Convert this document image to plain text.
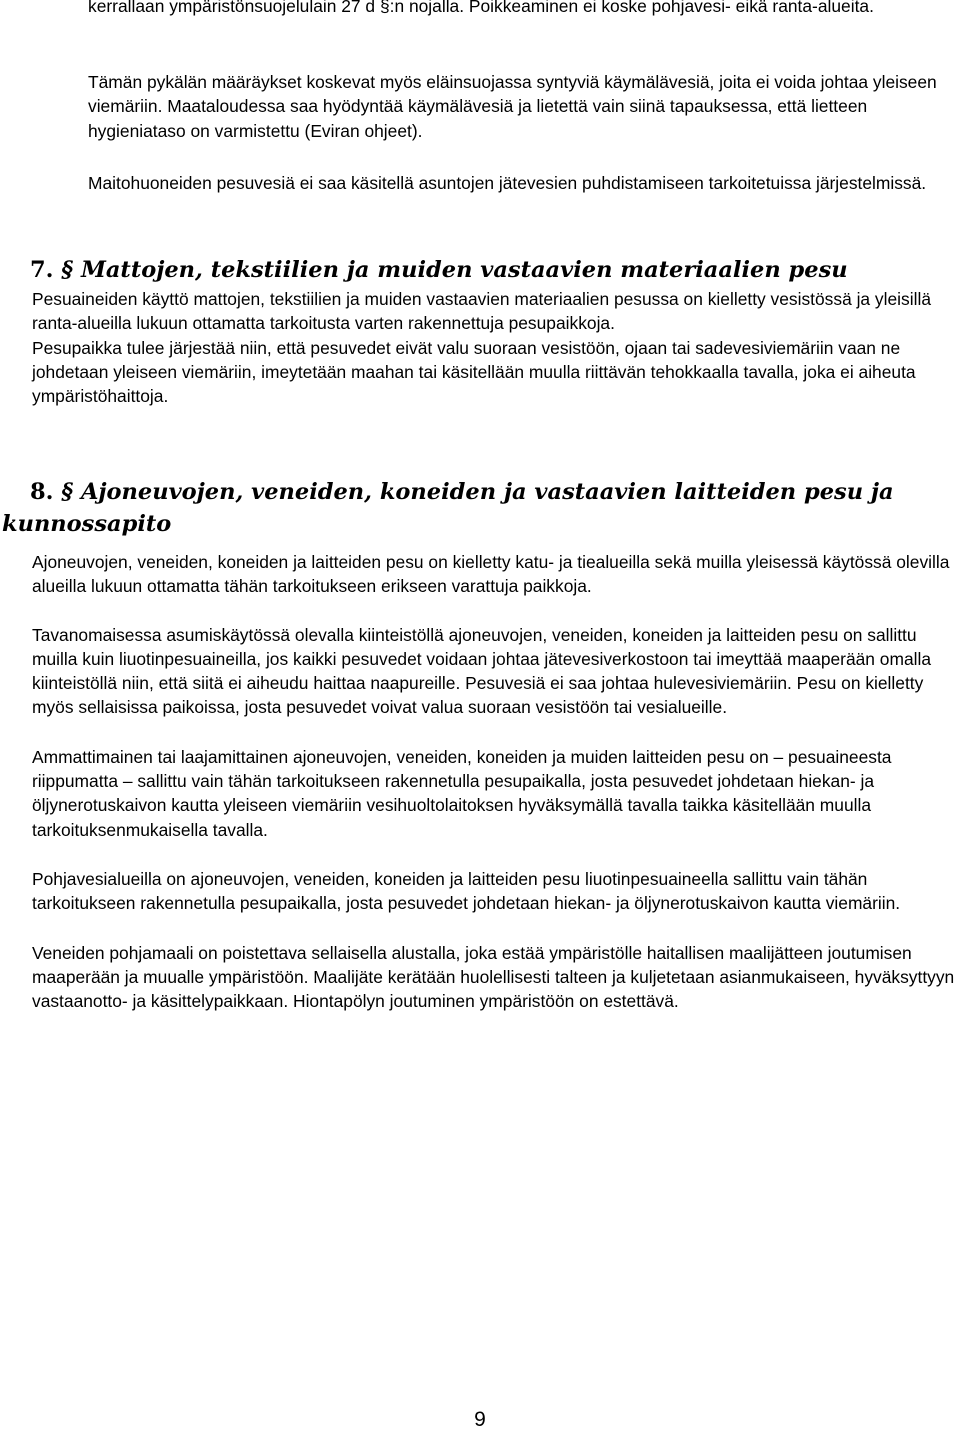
kerrallaan ympäristönsuojelulain 27 d §:n nojalla. Poikkeaminen ei koske pohjavesi- eikä ranta-alueita.

Tämän pykälän määräykset koskevat myös eläinsuojassa syntyviä käymälävesiä, joita ei voida johtaa yleiseen viemäriin. Maataloudessa saa hyödyntää käymälävesiä ja lietettä vain siinä tapauksessa, että lietteen hygieniataso on varmistettu (Eviran ohjeet).

Maitohuoneiden pesuvesiä ei saa käsitellä asuntojen jätevesien puhdistamiseen tarkoitetuissa järjestelmissä.

7. § Mattojen, tekstiilien ja muiden vastaavien materiaalien pesu

Pesuaineiden käyttö mattojen, tekstiilien ja muiden vastaavien materiaalien pesussa on kielletty vesistössä ja yleisillä ranta-alueilla lukuun ottamatta tarkoitusta varten rakennettuja pesupaikkoja.

Pesupaikka tulee järjestää niin, että pesuvedet eivät valu suoraan vesistöön, ojaan tai sadevesiviemäriin vaan ne johdetaan yleiseen viemäriin, imeytetään maahan tai käsitellään muulla riittävän tehokkaalla tavalla, joka ei aiheuta ympäristöhaittoja.

8. § Ajoneuvojen, veneiden, koneiden ja vastaavien laitteiden pesu ja kunnossapito

Ajoneuvojen, veneiden, koneiden ja laitteiden pesu on kielletty katu- ja tiealueilla sekä muilla yleisessä käytössä olevilla alueilla lukuun ottamatta tähän tarkoitukseen erikseen varattuja paikkoja.

Tavanomaisessa asumiskäytössä olevalla kiinteistöllä ajoneuvojen, veneiden, koneiden ja laitteiden pesu on sallittu muilla kuin liuotinpesuaineilla, jos kaikki pesuvedet voidaan johtaa jätevesiverkostoon tai imeyttää maaperään omalla kiinteistöllä niin, että siitä ei aiheudu haittaa naapureille. Pesuvesiä ei saa johtaa hulevesiviemäriin. Pesu on kielletty myös sellaisissa paikoissa, josta pesuvedet voivat valua suoraan vesistöön tai vesialueille.

Ammattimainen tai laajamittainen ajoneuvojen, veneiden, koneiden ja muiden laitteiden pesu on – pesuaineesta riippumatta – sallittu vain tähän tarkoitukseen rakennetulla pesupaikalla, josta pesuvedet johdetaan hiekan- ja öljynerotuskaivon kautta yleiseen viemäriin vesihuoltolaitoksen hyväksymällä tavalla taikka käsitellään muulla tarkoituksenmukaisella tavalla.

Pohjavesialueilla on ajoneuvojen, veneiden, koneiden ja laitteiden pesu liuotinpesuaineella sallittu vain tähän tarkoitukseen rakennetulla pesupaikalla, josta pesuvedet johdetaan hiekan- ja öljynerotuskaivon kautta viemäriin.

Veneiden pohjamaali on poistettava sellaisella alustalla, joka estää ympäristölle haitallisen maalijätteen joutumisen maaperään ja muualle ympäristöön. Maalijäte kerätään huolellisesti talteen ja kuljetetaan asianmukaiseen, hyväksyttyyn vastaanotto- ja käsittelypaikkaan. Hiontapölyn joutuminen ympäristöön on estettävä.

9
